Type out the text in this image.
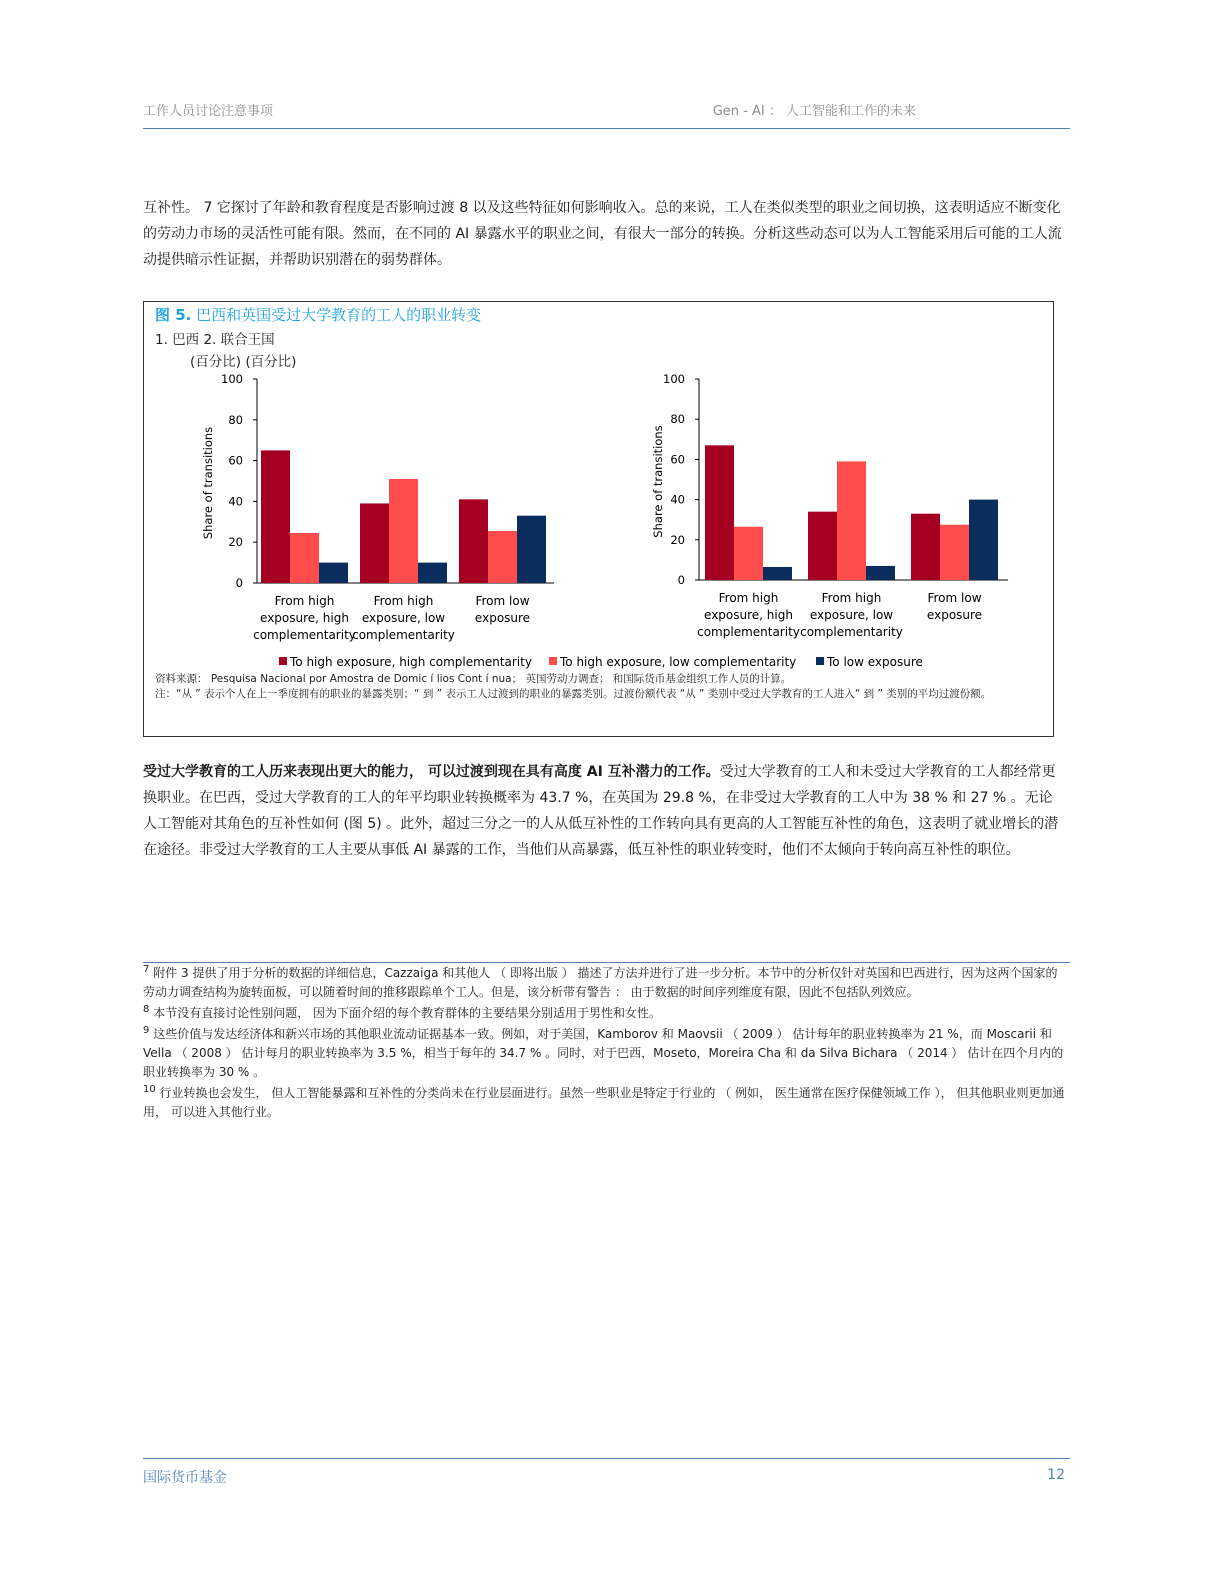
工作人员讨论注意事项	Gen - AI ： 人工智能和工作的未来
互补性。 7 它探讨了年龄和教育程度是否影响过渡 8 以及这些特征如何影响收入。总的来说，工人在类似类型的职业之间切换，这表明适应不断变化的劳动力市场的灵活性可能有限。然而，在不同的 AI 暴露水平的职业之间，有很大一部分的转换。分析这些动态可以为人工智能采用后可能的工人流动提供暗示性证据，并帮助识别潜在的弱势群体。
图 5. 巴西和英国受过大学教育的工人的职业转变
1. 巴西 2. 联合王国
(百分比) (百分比)
0
20
40
60
80
100
Share of transitions
From high
exposure, high
complementarity
From high
exposure, low
complementarity
From low
exposure
0
20
40
60
80
100
Share of transitions
From high
exposure, high
complementarity
From high
exposure, low
complementarity
From low
exposure
To high exposure, high complementarity To high exposure, low complementarity	To low exposure
资料来源： Pesquisa Nacional por Amostra de Domic í lios Cont í nua； 英国劳动力调查； 和国际货币基金组织工作人员的计算。
注：“从 ” 表示个人在上一季度拥有的职业的暴露类别；“ 到 ” 表示工人过渡到的职业的暴露类别。过渡份额代表 “从 ” 类别中受过大学教育的工人进入“ 到 ” 类别的平均过渡份额。
受过大学教育的工人历来表现出更大的能力， 可以过渡到现在具有高度 AI 互补潜力的工作。受过大学教育的工人和未受过大学教育的工人都经常更换职业。在巴西，受过大学教育的工人的年平均职业转换概率为 43.7 %，在英国为 29.8 %，在非受过大学教育的工人中为 38 % 和 27 % 。无论人工智能对其角色的互补性如何 (图 5) 。此外，超过三分之一的人从低互补性的工作转向具有更高的人工智能互补性的角色，这表明了就业增长的潜在途径。非受过大学教育的工人主要从事低 AI 暴露的工作，当他们从高暴露，低互补性的职业转变时，他们不太倾向于转向高互补性的职位。
$^7$ 附件 3 提供了用于分析的数据的详细信息，Cazzaiga 和其他人 （ 即将出版 ） 描述了方法并进行了进一步分析。本节中的分析仅针对英国和巴西进行，因为这两个国家的劳动力调查结构为旋转面板，可以随着时间的推移跟踪单个工人。但是，该分析带有警告 ： 由于数据的时间序列维度有限，因此不包括队列效应。
$^8$ 本节没有直接讨论性别问题， 因为下面介绍的每个教育群体的主要结果分别适用于男性和女性。
$^9$ 这些价值与发达经济体和新兴市场的其他职业流动证据基本一致。例如，对于美国，Kamborov 和 Maovsii （ 2009 ） 估计每年的职业转换率为 21 %，而 Moscarii 和 Vella （ 2008 ） 估计每月的职业转换率为 3.5 %，相当于每年的 34.7 % 。同时，对于巴西，Moseto，Moreira Cha 和 da Silva Bichara （ 2014 ） 估计在四个月内的职业转换率为 30 % 。
$^{10}$ 行业转换也会发生， 但人工智能暴露和互补性的分类尚未在行业层面进行。虽然一些职业是特定于行业的 （ 例如， 医生通常在医疗保健领域工作 ）， 但其他职业则更加通用， 可以进入其他行业。
国际货币基金	12
